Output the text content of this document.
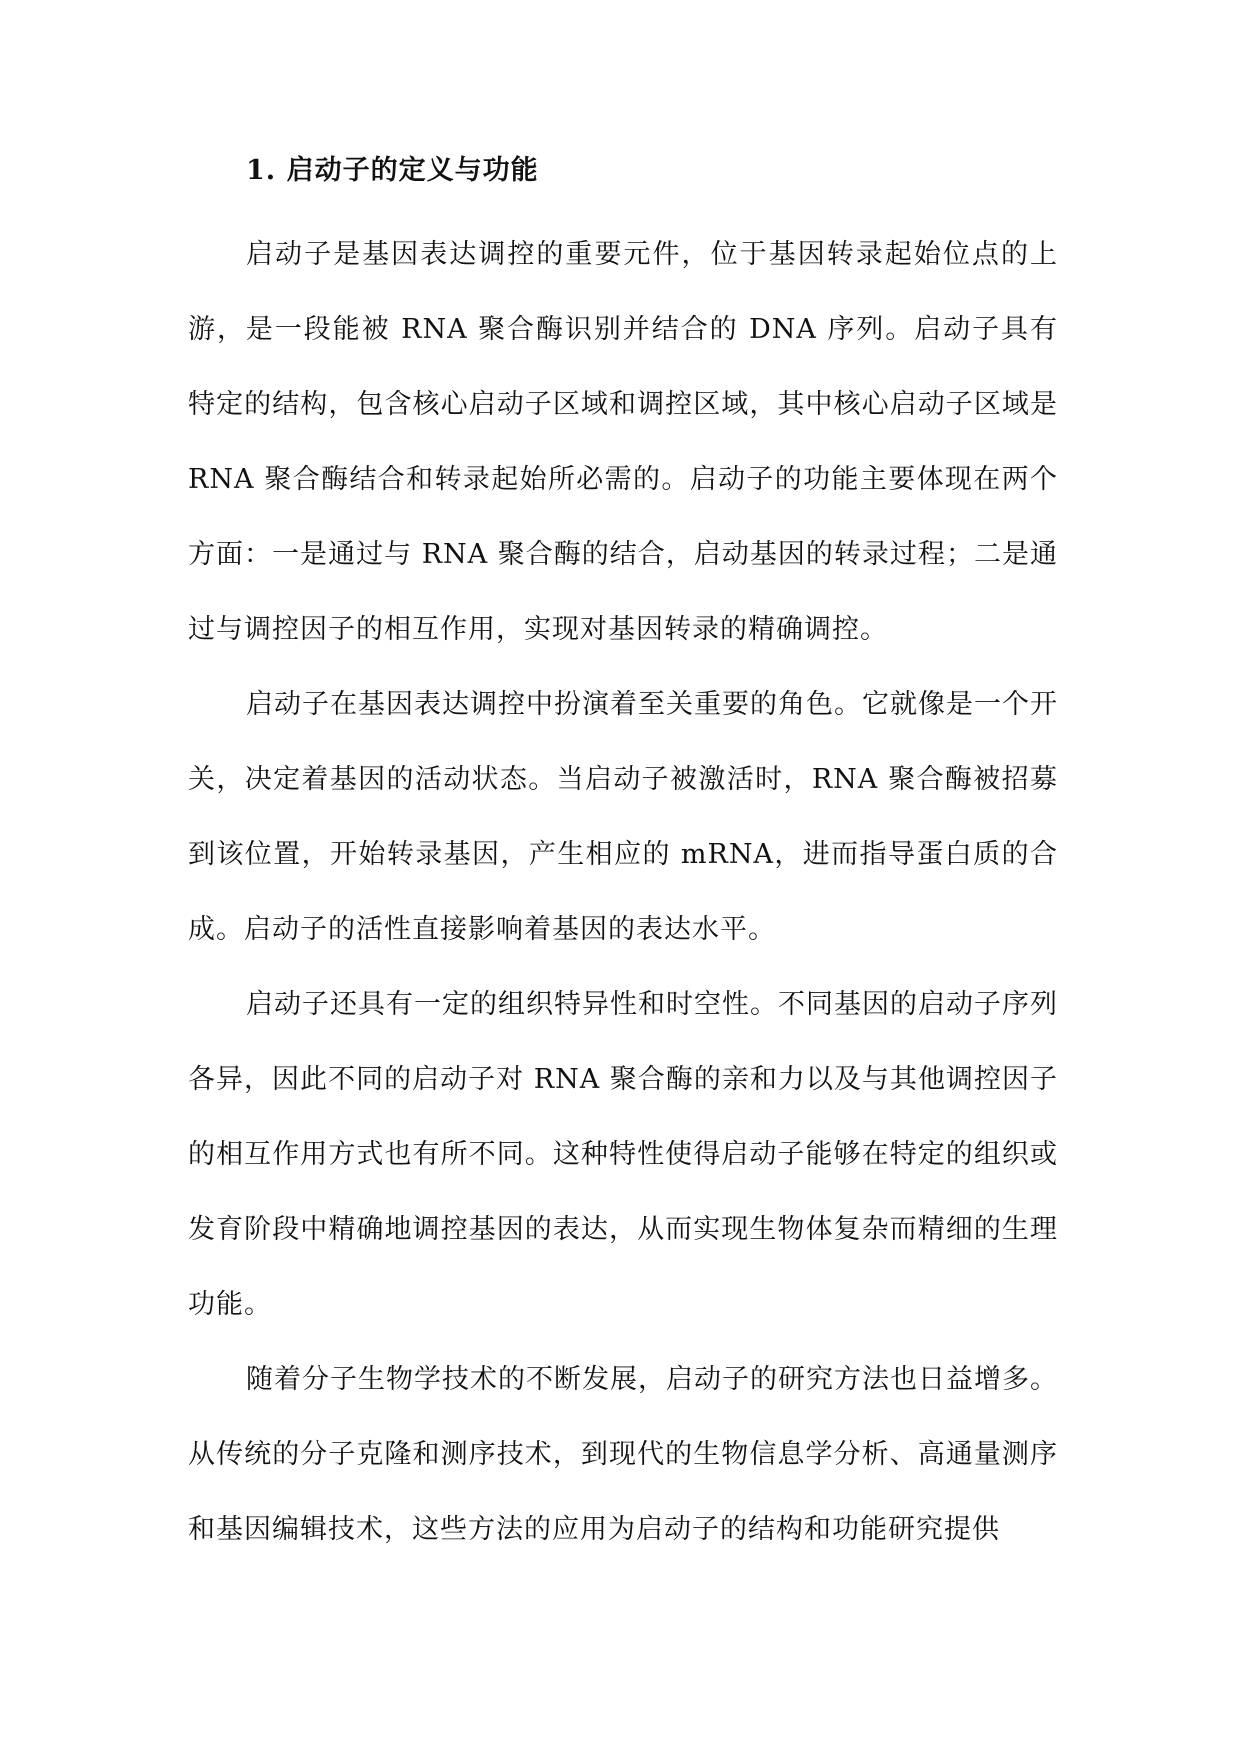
1. 启动子的定义与功能

启动子是基因表达调控的重要元件，位于基因转录起始位点的上游，是一段能被 RNA 聚合酶识别并结合的 DNA 序列。启动子具有特定的结构，包含核心启动子区域和调控区域，其中核心启动子区域是 RNA 聚合酶结合和转录起始所必需的。启动子的功能主要体现在两个方面：一是通过与 RNA 聚合酶的结合，启动基因的转录过程；二是通过与调控因子的相互作用，实现对基因转录的精确调控。

启动子在基因表达调控中扮演着至关重要的角色。它就像是一个开关，决定着基因的活动状态。当启动子被激活时，RNA 聚合酶被招募到该位置，开始转录基因，产生相应的 mRNA，进而指导蛋白质的合成。启动子的活性直接影响着基因的表达水平。

启动子还具有一定的组织特异性和时空性。不同基因的启动子序列各异，因此不同的启动子对 RNA 聚合酶的亲和力以及与其他调控因子的相互作用方式也有所不同。这种特性使得启动子能够在特定的组织或发育阶段中精确地调控基因的表达，从而实现生物体复杂而精细的生理功能。

随着分子生物学技术的不断发展，启动子的研究方法也日益增多。从传统的分子克隆和测序技术，到现代的生物信息学分析、高通量测序和基因编辑技术，这些方法的应用为启动子的结构和功能研究提供
